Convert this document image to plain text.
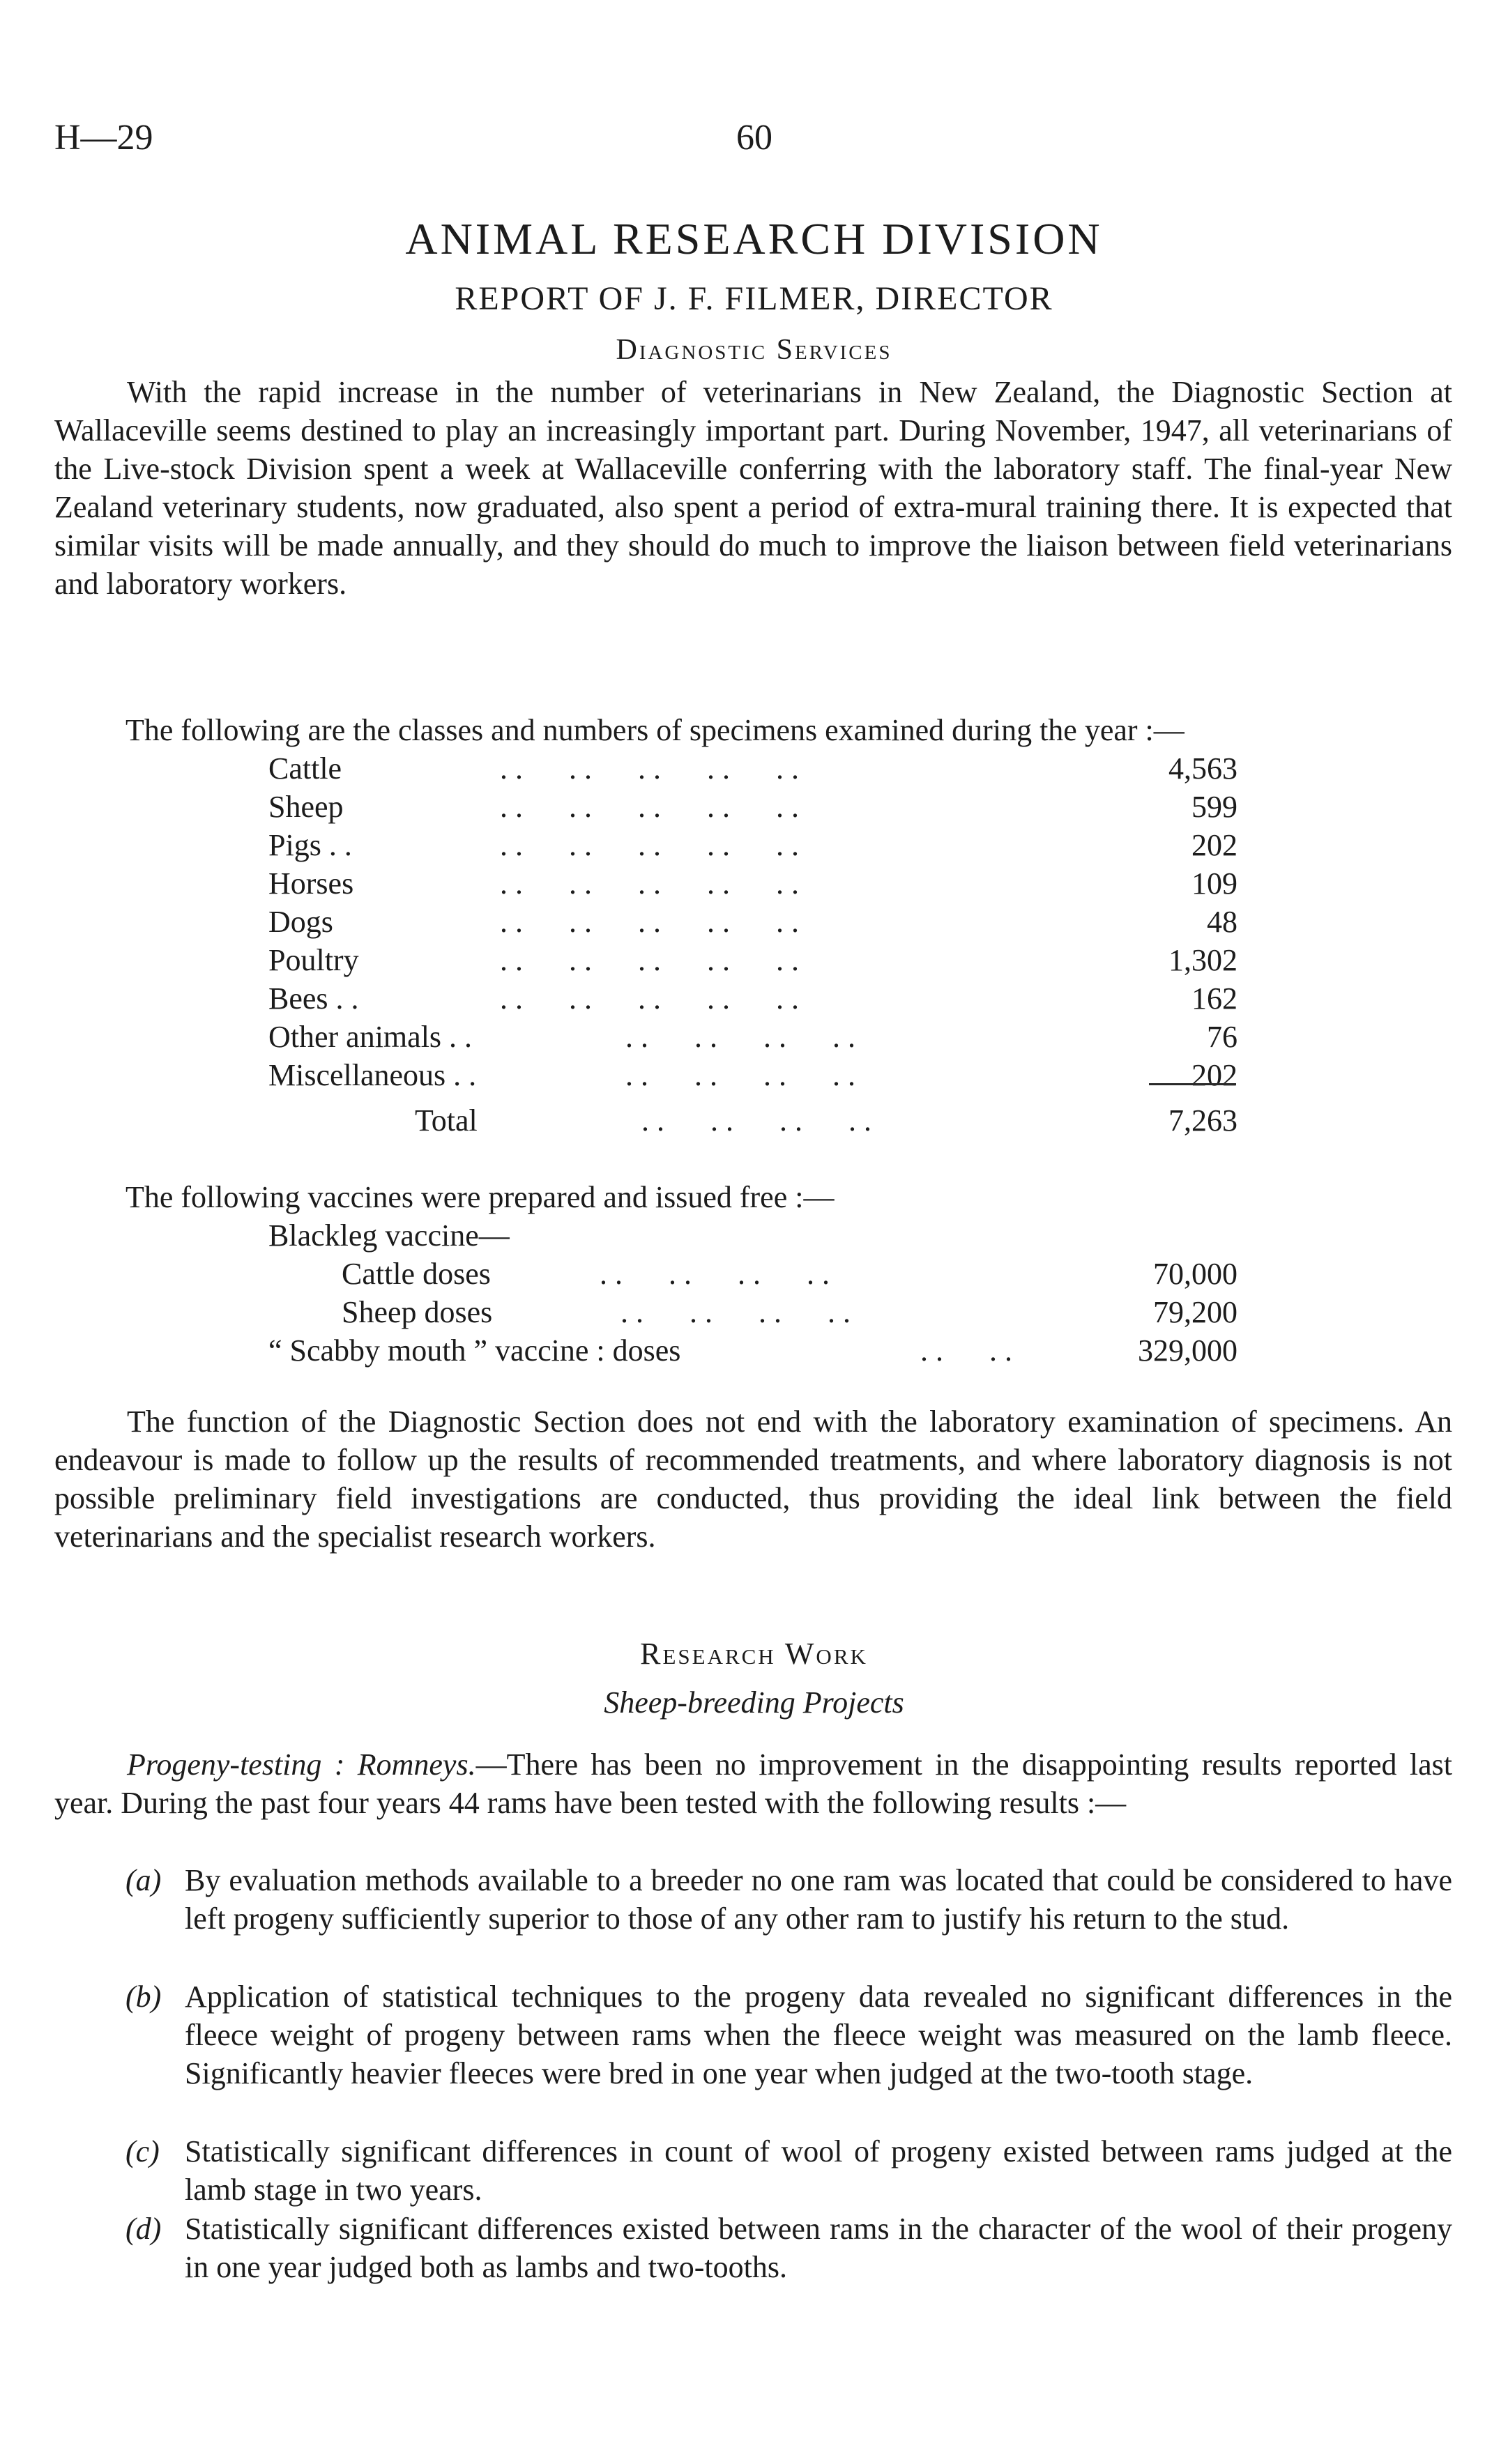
H—29	60
ANIMAL RESEARCH DIVISION
REPORT OF J. F. FILMER, DIRECTOR
Diagnostic Services

With the rapid increase in the number of veterinarians in New Zealand, the Diagnostic Section at Wallaceville seems destined to play an increasingly important part. During November, 1947, all veterinarians of the Live-stock Division spent a week at Wallaceville conferring with the laboratory staff. The final-year New Zealand veterinary students, now graduated, also spent a period of extra-mural training there. It is expected that similar visits will be made annually, and they should do much to improve the liaison between field veterinarians and laboratory workers.

The following are the classes and numbers of specimens examined during the year :—
Cattle	. .      . .      . .      . .      . .	4,563
Sheep	. .      . .      . .      . .      . .	599
Pigs . .	. .      . .      . .      . .      . .	202
Horses	. .      . .      . .      . .      . .	109
Dogs	. .      . .      . .      . .      . .	48
Poultry	. .      . .      . .      . .      . .	1,302
Bees . .	. .      . .      . .      . .      . .	162
Other animals . .	. .      . .      . .      . .	76
Miscellaneous . .	. .      . .      . .      . .	202
Total	. .      . .      . .      . .	7,263
The following vaccines were prepared and issued free :—
Blackleg vaccine—
Cattle doses	. .      . .      . .      . .	70,000
Sheep doses	. .      . .      . .      . .	79,200
“ Scabby mouth ” vaccine : doses	. .      . .	329,000

The function of the Diagnostic Section does not end with the laboratory examination of specimens. An endeavour is made to follow up the results of recommended treatments, and where laboratory diagnosis is not possible preliminary field investigations are conducted, thus providing the ideal link between the field veterinarians and the specialist research workers.

Research Work
Sheep-breeding Projects

Progeny-testing : Romneys.—There has been no improvement in the disappointing results reported last year. During the past four years 44 rams have been tested with the following results :—

(a) By evaluation methods available to a breeder no one ram was located that could be considered to have left progeny sufficiently superior to those of any other ram to justify his return to the stud.
(b) Application of statistical techniques to the progeny data revealed no significant differences in the fleece weight of progeny between rams when the fleece weight was measured on the lamb fleece. Significantly heavier fleeces were bred in one year when judged at the two-tooth stage.
(c) Statistically significant differences in count of wool of progeny existed between rams judged at the lamb stage in two years.
(d) Statistically significant differences existed between rams in the character of the wool of their progeny in one year judged both as lambs and two-tooths.
